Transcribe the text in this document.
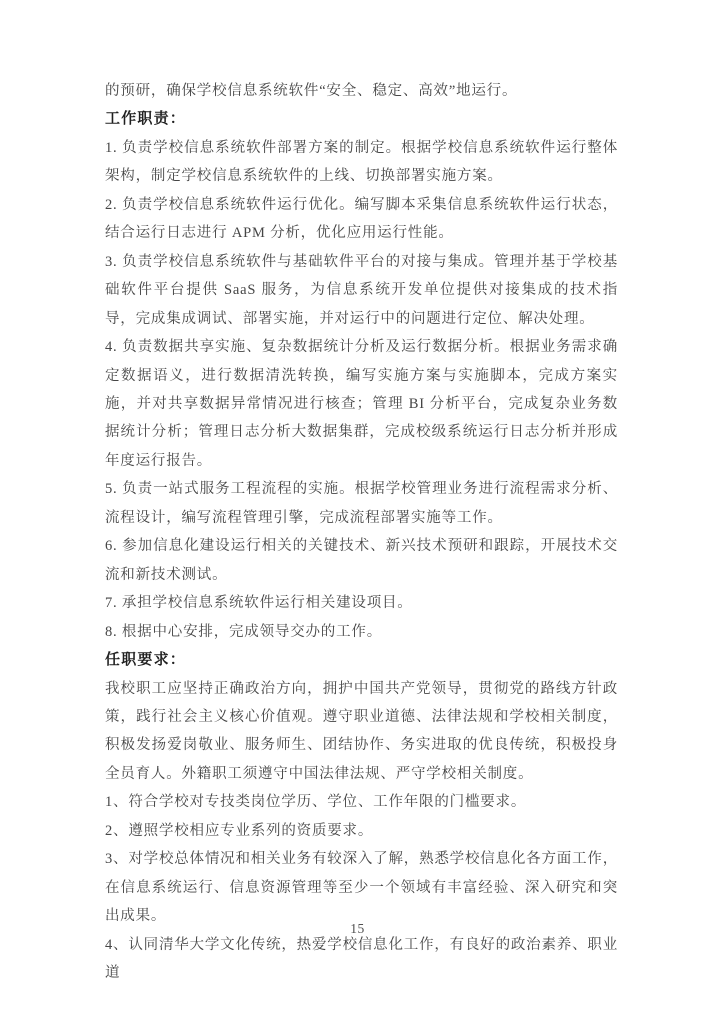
的预研，确保学校信息系统软件“安全、稳定、高效”地运行。

工作职责：

1. 负责学校信息系统软件部署方案的制定。根据学校信息系统软件运行整体架构，制定学校信息系统软件的上线、切换部署实施方案。

2. 负责学校信息系统软件运行优化。编写脚本采集信息系统软件运行状态，结合运行日志进行 APM 分析，优化应用运行性能。

3. 负责学校信息系统软件与基础软件平台的对接与集成。管理并基于学校基础软件平台提供 SaaS 服务，为信息系统开发单位提供对接集成的技术指导，完成集成调试、部署实施，并对运行中的问题进行定位、解决处理。

4. 负责数据共享实施、复杂数据统计分析及运行数据分析。根据业务需求确定数据语义，进行数据清洗转换，编写实施方案与实施脚本，完成方案实施，并对共享数据异常情况进行核查；管理 BI 分析平台，完成复杂业务数据统计分析；管理日志分析大数据集群，完成校级系统运行日志分析并形成年度运行报告。

5. 负责一站式服务工程流程的实施。根据学校管理业务进行流程需求分析、流程设计，编写流程管理引擎，完成流程部署实施等工作。

6. 参加信息化建设运行相关的关键技术、新兴技术预研和跟踪，开展技术交流和新技术测试。

7. 承担学校信息系统软件运行相关建设项目。

8. 根据中心安排，完成领导交办的工作。

任职要求：

我校职工应坚持正确政治方向，拥护中国共产党领导，贯彻党的路线方针政策，践行社会主义核心价值观。遵守职业道德、法律法规和学校相关制度，积极发扬爱岗敬业、服务师生、团结协作、务实进取的优良传统，积极投身全员育人。外籍职工须遵守中国法律法规、严守学校相关制度。

1、符合学校对专技类岗位学历、学位、工作年限的门槛要求。

2、遵照学校相应专业系列的资质要求。

3、对学校总体情况和相关业务有较深入了解，熟悉学校信息化各方面工作，在信息系统运行、信息资源管理等至少一个领域有丰富经验、深入研究和突出成果。

4、认同清华大学文化传统，热爱学校信息化工作，有良好的政治素养、职业道

15
